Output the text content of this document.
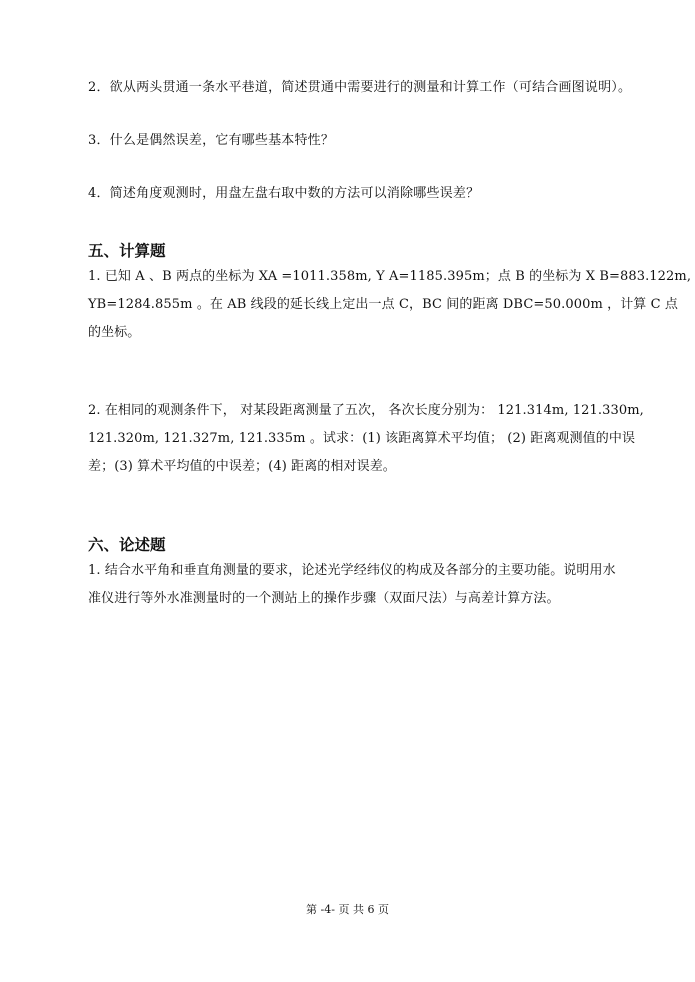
2．欲从两头贯通一条水平巷道，简述贯通中需要进行的测量和计算工作（可结合画图说明）。
3．什么是偶然误差，它有哪些基本特性？
4．简述角度观测时，用盘左盘右取中数的方法可以消除哪些误差？
五、计算题
1. 已知 A 、B 两点的坐标为 XA =1011.358m, Y A=1185.395m；点 B 的坐标为 X B=883.122m,
YB=1284.855m 。在 AB 线段的延长线上定出一点 C，BC 间的距离 DBC=50.000m ，计算 C 点
的坐标。
2. 在相同的观测条件下， 对某段距离测量了五次， 各次长度分别为： 121.314m, 121.330m,
121.320m, 121.327m, 121.335m 。试求：(1) 该距离算术平均值； (2) 距离观测值的中误
差；(3) 算术平均值的中误差；(4) 距离的相对误差。
六、论述题
1. 结合水平角和垂直角测量的要求，论述光学经纬仪的构成及各部分的主要功能。说明用水
准仪进行等外水准测量时的一个测站上的操作步骤（双面尺法）与高差计算方法。
第 -4- 页 共 6 页
